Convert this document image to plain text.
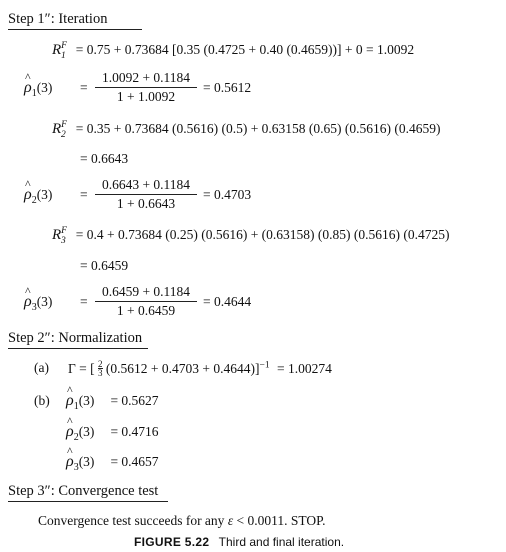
Step 1″: Iteration
$R^F_1 = 0.75 + 0.73684$ [0.35 (0.4725 + 0.40 (0.4659))] + 0 = 1.0092
^ $\rho_1(3) = \frac{1.0092 + 0.1184}{1 + 1.0092} = 0.5612$
$R^F_2 = 0.35 + 0.73684$ (0.5616) (0.5) + 0.63158 (0.65) (0.5616) (0.4659)
= 0.6643
^ $\rho_2(3) = \frac{0.6643 + 0.1184}{1 + 0.6643} = 0.4703$
$R^F_3 = 0.4 + 0.73684$ (0.25) (0.5616) + (0.63158) (0.85) (0.5616) (0.4725)
= 0.6459
^ $\rho_3(3) = \frac{0.6459 + 0.1184}{1 + 0.6459} = 0.4644$
Step 2″: Normalization
(a) Γ = [ $\frac{2}{3} (0.5612 + 0.4703 + 0.4644)]^{-1} = 1.00274$
(b)
^ $\rho_1(3) = 0.5627$
^ $\rho_2(3) = 0.4716$
^ $\rho_3(3) = 0.4657$
Step 3″: Convergence test
Convergence test succeeds for any ε < 0.0011. STOP.
FIGURE 5.22 Third and final iteration.
